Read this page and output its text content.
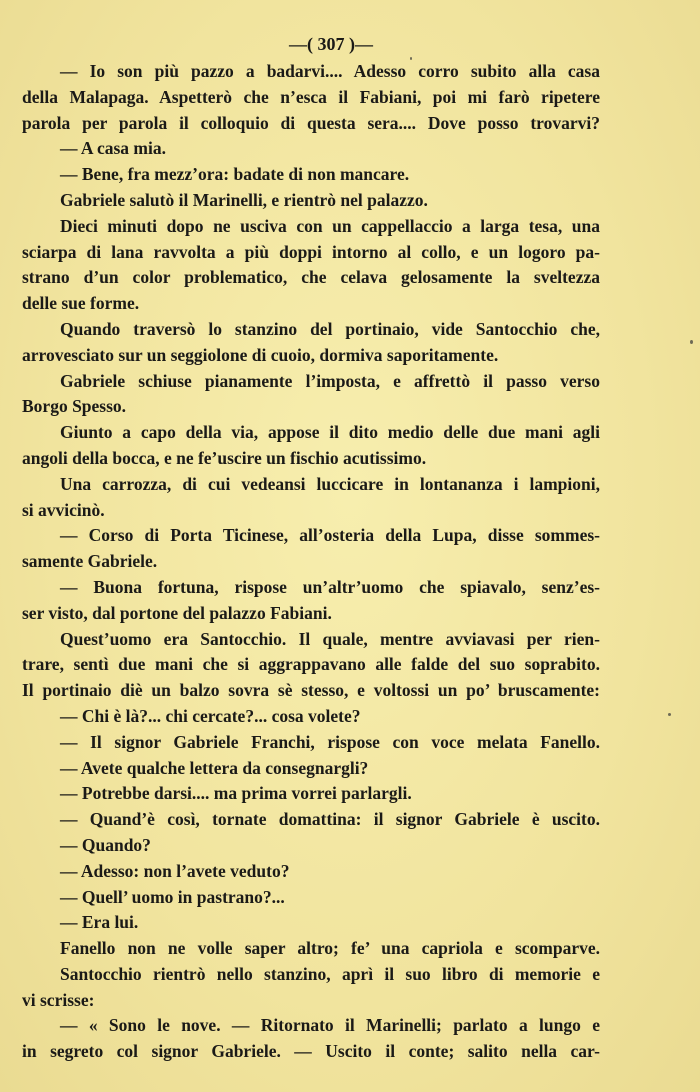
—( 307 )—
— Io son più pazzo a badarvi.... Adesso corro subito alla casa
della Malapaga. Aspetterò che n’esca il Fabiani, poi mi farò ripetere
parola per parola il colloquio di questa sera.... Dove posso trovarvi?
— A casa mia.
— Bene, fra mezz’ora: badate di non mancare.
Gabriele salutò il Marinelli, e rientrò nel palazzo.
Dieci minuti dopo ne usciva con un cappellaccio a larga tesa, una
sciarpa di lana ravvolta a più doppi intorno al collo, e un logoro pa-
strano d’un color problematico, che celava gelosamente la sveltezza
delle sue forme.
Quando traversò lo stanzino del portinaio, vide Santocchio che,
arrovesciato sur un seggiolone di cuoio, dormiva saporitamente.
Gabriele schiuse pianamente l’imposta, e affrettò il passo verso
Borgo Spesso.
Giunto a capo della via, appose il dito medio delle due mani agli
angoli della bocca, e ne fe’uscire un fischio acutissimo.
Una carrozza, di cui vedeansi luccicare in lontananza i lampioni,
si avvicinò.
— Corso di Porta Ticinese, all’osteria della Lupa, disse sommes-
samente Gabriele.
— Buona fortuna, rispose un’altr’uomo che spiavalo, senz’es-
ser visto, dal portone del palazzo Fabiani.
Quest’uomo era Santocchio. Il quale, mentre avviavasi per rien-
trare, sentì due mani che si aggrappavano alle falde del suo soprabito.
Il portinaio diè un balzo sovra sè stesso, e voltossi un po’ bruscamente:
— Chi è là?... chi cercate?... cosa volete?
— Il signor Gabriele Franchi, rispose con voce melata Fanello.
— Avete qualche lettera da consegnargli?
— Potrebbe darsi.... ma prima vorrei parlargli.
— Quand’è così, tornate domattina: il signor Gabriele è uscito.
— Quando?
— Adesso: non l’avete veduto?
— Quell’ uomo in pastrano?...
— Era lui.
Fanello non ne volle saper altro; fe’ una capriola e scomparve.
Santocchio rientrò nello stanzino, aprì il suo libro di memorie e
vi scrisse:
— « Sono le nove. — Ritornato il Marinelli; parlato a lungo e
in segreto col signor Gabriele. — Uscito il conte; salito nella car-
